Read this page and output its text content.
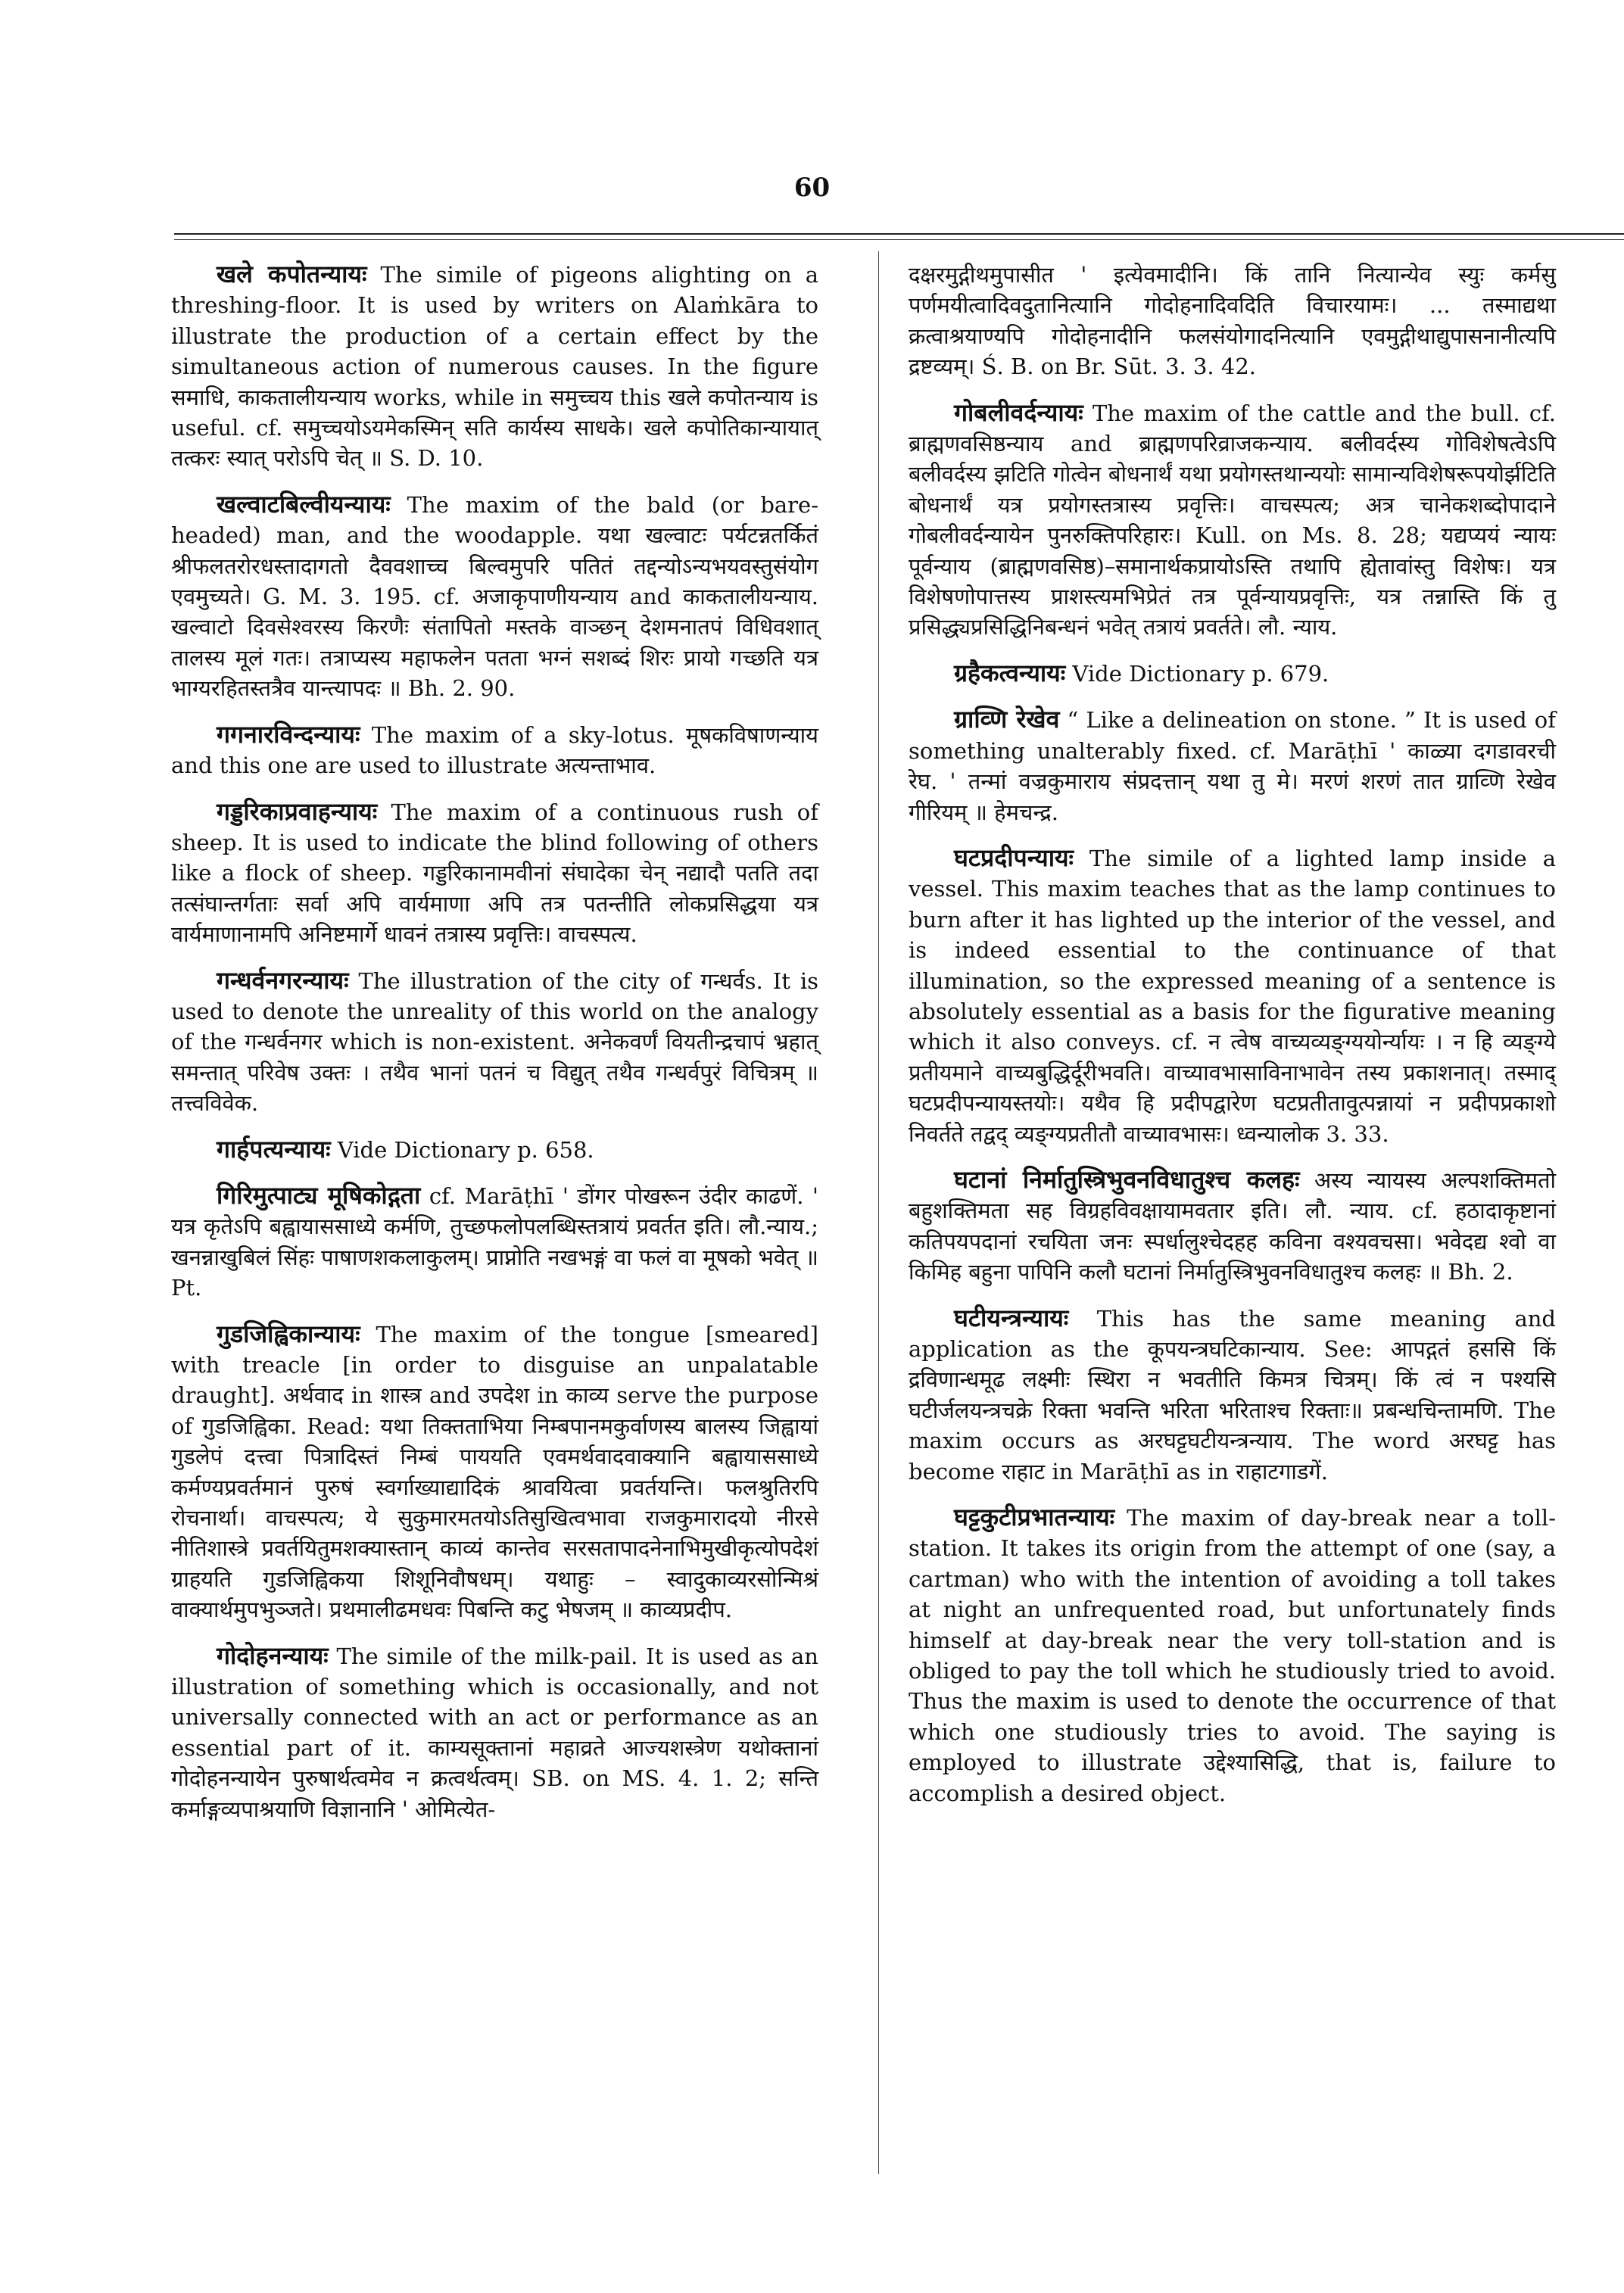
60

खले कपोतन्यायः The simile of pigeons alighting on a threshing-floor. It is used by writers on Alaṁkāra to illustrate the production of a certain effect by the simultaneous action of numerous causes. In the figure समाधि, काकतालीयन्याय works, while in समुच्चय this खले कपोतन्याय is useful. cf. समुच्चयोऽयमेकस्मिन् सति कार्यस्य साधके। खले कपोतिकान्यायात् तत्करः स्यात् परोऽपि चेत् ॥ S. D. 10.

खल्वाटबिल्वीयन्यायः The maxim of the bald (or bare-headed) man, and the woodapple. यथा खल्वाटः पर्यटन्नतर्कितं श्रीफलतरोरधस्तादागतो दैववशाच्च बिल्वमुपरि पतितं तद्दन्योऽन्यभयवस्तुसंयोग एवमुच्यते। G. M. 3. 195. cf. अजाकृपाणीयन्याय and काकतालीयन्याय. खल्वाटो दिवसेश्वरस्य किरणैः संतापितो मस्तके वाञ्छन् देशमनातपं विधिवशात् तालस्य मूलं गतः। तत्राप्यस्य महाफलेन पतता भग्नं सशब्दं शिरः प्रायो गच्छति यत्र भाग्यरहितस्तत्रैव यान्त्यापदः ॥ Bh. 2. 90.

गगनारविन्दन्यायः The maxim of a sky-lotus. मूषकविषाणन्याय and this one are used to illustrate अत्यन्ताभाव.

गड्डरिकाप्रवाहन्यायः The maxim of a continuous rush of sheep. It is used to indicate the blind following of others like a flock of sheep. गड्डरिकानामवीनां संघादेका चेन् नद्यादौ पतति तदा तत्संघान्तर्गताः सर्वा अपि वार्यमाणा अपि तत्र पतन्तीति लोकप्रसिद्धया यत्र वार्यमाणानामपि अनिष्टमार्गे धावनं तत्रास्य प्रवृत्तिः। वाचस्पत्य.

गन्धर्वनगरन्यायः The illustration of the city of गन्धर्वs. It is used to denote the unreality of this world on the analogy of the गन्धर्वनगर which is non-existent. अनेकवर्णं वियतीन्द्रचापं भ्रहात् समन्तात् परिवेष उक्तः । तथैव भानां पतनं च विद्युत् तथैव गन्धर्वपुरं विचित्रम् ॥ तत्त्वविवेक.

गार्हपत्यन्यायः Vide Dictionary p. 658.

गिरिमुत्पाट्य मूषिकोद्गता cf. Marāṭhī ' डोंगर पोखरून उंदीर काढणें. ' यत्र कृतेऽपि बह्वायाससाध्ये कर्मणि, तुच्छफलोपलब्धिस्तत्रायं प्रवर्तत इति। लौ.न्याय.; खनन्नाखुबिलं सिंहः पाषाणशकलाकुलम्। प्राप्नोति नखभङ्गं वा फलं वा मूषको भवेत् ॥ Pt.

गुडजिह्विकान्यायः The maxim of the tongue [smeared] with treacle [in order to disguise an unpalatable draught]. अर्थवाद in शास्त्र and उपदेश in काव्य serve the purpose of गुडजिह्विका. Read: यथा तिक्तताभिया निम्बपानमकुर्वाणस्य बालस्य जिह्वायां गुडलेपं दत्त्वा पित्रादिस्तं निम्बं पाययति एवमर्थवादवाक्यानि बह्वायाससाध्ये कर्मण्यप्रवर्तमानं पुरुषं स्वर्गाख्याद्यादिकं श्रावयित्वा प्रवर्तयन्ति। फलश्रुतिरपि रोचनार्था। वाचस्पत्य; ये सुकुमारमतयोऽतिसुखित्वभावा राजकुमारादयो नीरसे नीतिशास्त्रे प्रवर्तयितुमशक्यास्तान् काव्यं कान्तेव सरसतापादनेनाभिमुखीकृत्योपदेशं ग्राहयति गुडजिह्विकया शिशूनिवौषधम्। यथाहुः – स्वादुकाव्यरसोन्मिश्रं वाक्यार्थमुपभुञ्जते। प्रथमालीढमधवः पिबन्ति कटु भेषजम् ॥ काव्यप्रदीप.

गोदोहनन्यायः The simile of the milk-pail. It is used as an illustration of something which is occasionally, and not universally connected with an act or performance as an essential part of it. काम्यसूक्तानां महाव्रते आज्यशस्त्रेण यथोक्तानां गोदोहनन्यायेन पुरुषार्थत्वमेव न क्रत्वर्थत्वम्। SB. on MS. 4. 1. 2; सन्ति कर्माङ्गव्यपाश्रयाणि विज्ञानानि ' ओमित्येत-

दक्षरमुद्गीथमुपासीत ' इत्येवमादीनि। किं तानि नित्यान्येव स्युः कर्मसु पर्णमयीत्वादिवदुतानित्यानि गोदोहनादिवदिति विचारयामः। ... तस्माद्यथा क्रत्वाश्रयाण्यपि गोदोहनादीनि फलसंयोगादनित्यानि एवमुद्गीथाद्युपासनानीत्यपि द्रष्टव्यम्। Ś. B. on Br. Sūt. 3. 3. 42.

गोबलीवर्दन्यायः The maxim of the cattle and the bull. cf. ब्राह्मणवसिष्ठन्याय and ब्राह्मणपरिव्राजकन्याय. बलीवर्दस्य गोविशेषत्वेऽपि बलीवर्दस्य झटिति गोत्वेन बोधनार्थं यथा प्रयोगस्तथान्ययोः सामान्यविशेषरूपयोर्झटिति बोधनार्थं यत्र प्रयोगस्तत्रास्य प्रवृत्तिः। वाचस्पत्य; अत्र चानेकशब्दोपादाने गोबलीवर्दन्यायेन पुनरुक्तिपरिहारः। Kull. on Ms. 8. 28; यद्यप्ययं न्यायः पूर्वन्याय (ब्राह्मणवसिष्ठ)–समानार्थकप्रायोऽस्ति तथापि ह्येतावांस्तु विशेषः। यत्र विशेषणोपात्तस्य प्राशस्त्यमभिप्रेतं तत्र पूर्वन्यायप्रवृत्तिः, यत्र तन्नास्ति किं तु प्रसिद्ध्यप्रसिद्धिनिबन्धनं भवेत् तत्रायं प्रवर्तते। लौ. न्याय.

ग्रहैकत्वन्यायः Vide Dictionary p. 679.

ग्राव्णि रेखेव “ Like a delineation on stone. ” It is used of something unalterably fixed. cf. Marāṭhī ' काळ्या दगडावरची रेघ. ' तन्मां वज्रकुमाराय संप्रदत्तान् यथा तु मे। मरणं शरणं तात ग्राव्णि रेखेव गीरियम् ॥ हेमचन्द्र.

घटप्रदीपन्यायः The simile of a lighted lamp inside a vessel. This maxim teaches that as the lamp continues to burn after it has lighted up the interior of the vessel, and is indeed essential to the continuance of that illumination, so the expressed meaning of a sentence is absolutely essential as a basis for the figurative meaning which it also conveys. cf. न त्वेष वाच्यव्यङ्ग्ययोर्न्यायः । न हि व्यङ्ग्ये प्रतीयमाने वाच्यबुद्धिर्दूरीभवति। वाच्यावभासाविनाभावेन तस्य प्रकाशनात्। तस्माद् घटप्रदीपन्यायस्तयोः। यथैव हि प्रदीपद्वारेण घटप्रतीतावुत्पन्नायां न प्रदीपप्रकाशो निवर्तते तद्वद् व्यङ्ग्यप्रतीतौ वाच्यावभासः। ध्वन्यालोक 3. 33.

घटानां निर्मातुस्त्रिभुवनविधातुश्च कलहः अस्य न्यायस्य अल्पशक्तिमतो बहुशक्तिमता सह विग्रहविवक्षायामवतार इति। लौ. न्याय. cf. हठादाकृष्टानां कतिपयपदानां रचयिता जनः स्पर्धालुश्चेदहह कविना वश्यवचसा। भवेदद्य श्वो वा किमिह बहुना पापिनि कलौ घटानां निर्मातुस्त्रिभुवनविधातुश्च कलहः ॥ Bh. 2.

घटीयन्त्रन्यायः This has the same meaning and application as the कूपयन्त्रघटिकान्याय. See: आपद्गतं हससि किं द्रविणान्धमूढ लक्ष्मीः स्थिरा न भवतीति किमत्र चित्रम्। किं त्वं न पश्यसि घटीर्जलयन्त्रचक्रे रिक्ता भवन्ति भरिता भरिताश्च रिक्ताः॥ प्रबन्धचिन्तामणि. The maxim occurs as अरघट्टघटीयन्त्रन्याय. The word अरघट्ट has become राहाट in Marāṭhī as in राहाटगाडगें.

घट्टकुटीप्रभातन्यायः The maxim of day-break near a toll-station. It takes its origin from the attempt of one (say, a cartman) who with the intention of avoiding a toll takes at night an unfrequented road, but unfortunately finds himself at day-break near the very toll-station and is obliged to pay the toll which he studiously tried to avoid. Thus the maxim is used to denote the occurrence of that which one studiously tries to avoid. The saying is employed to illustrate उद्देश्यासिद्धि, that is, failure to accomplish a desired object.
